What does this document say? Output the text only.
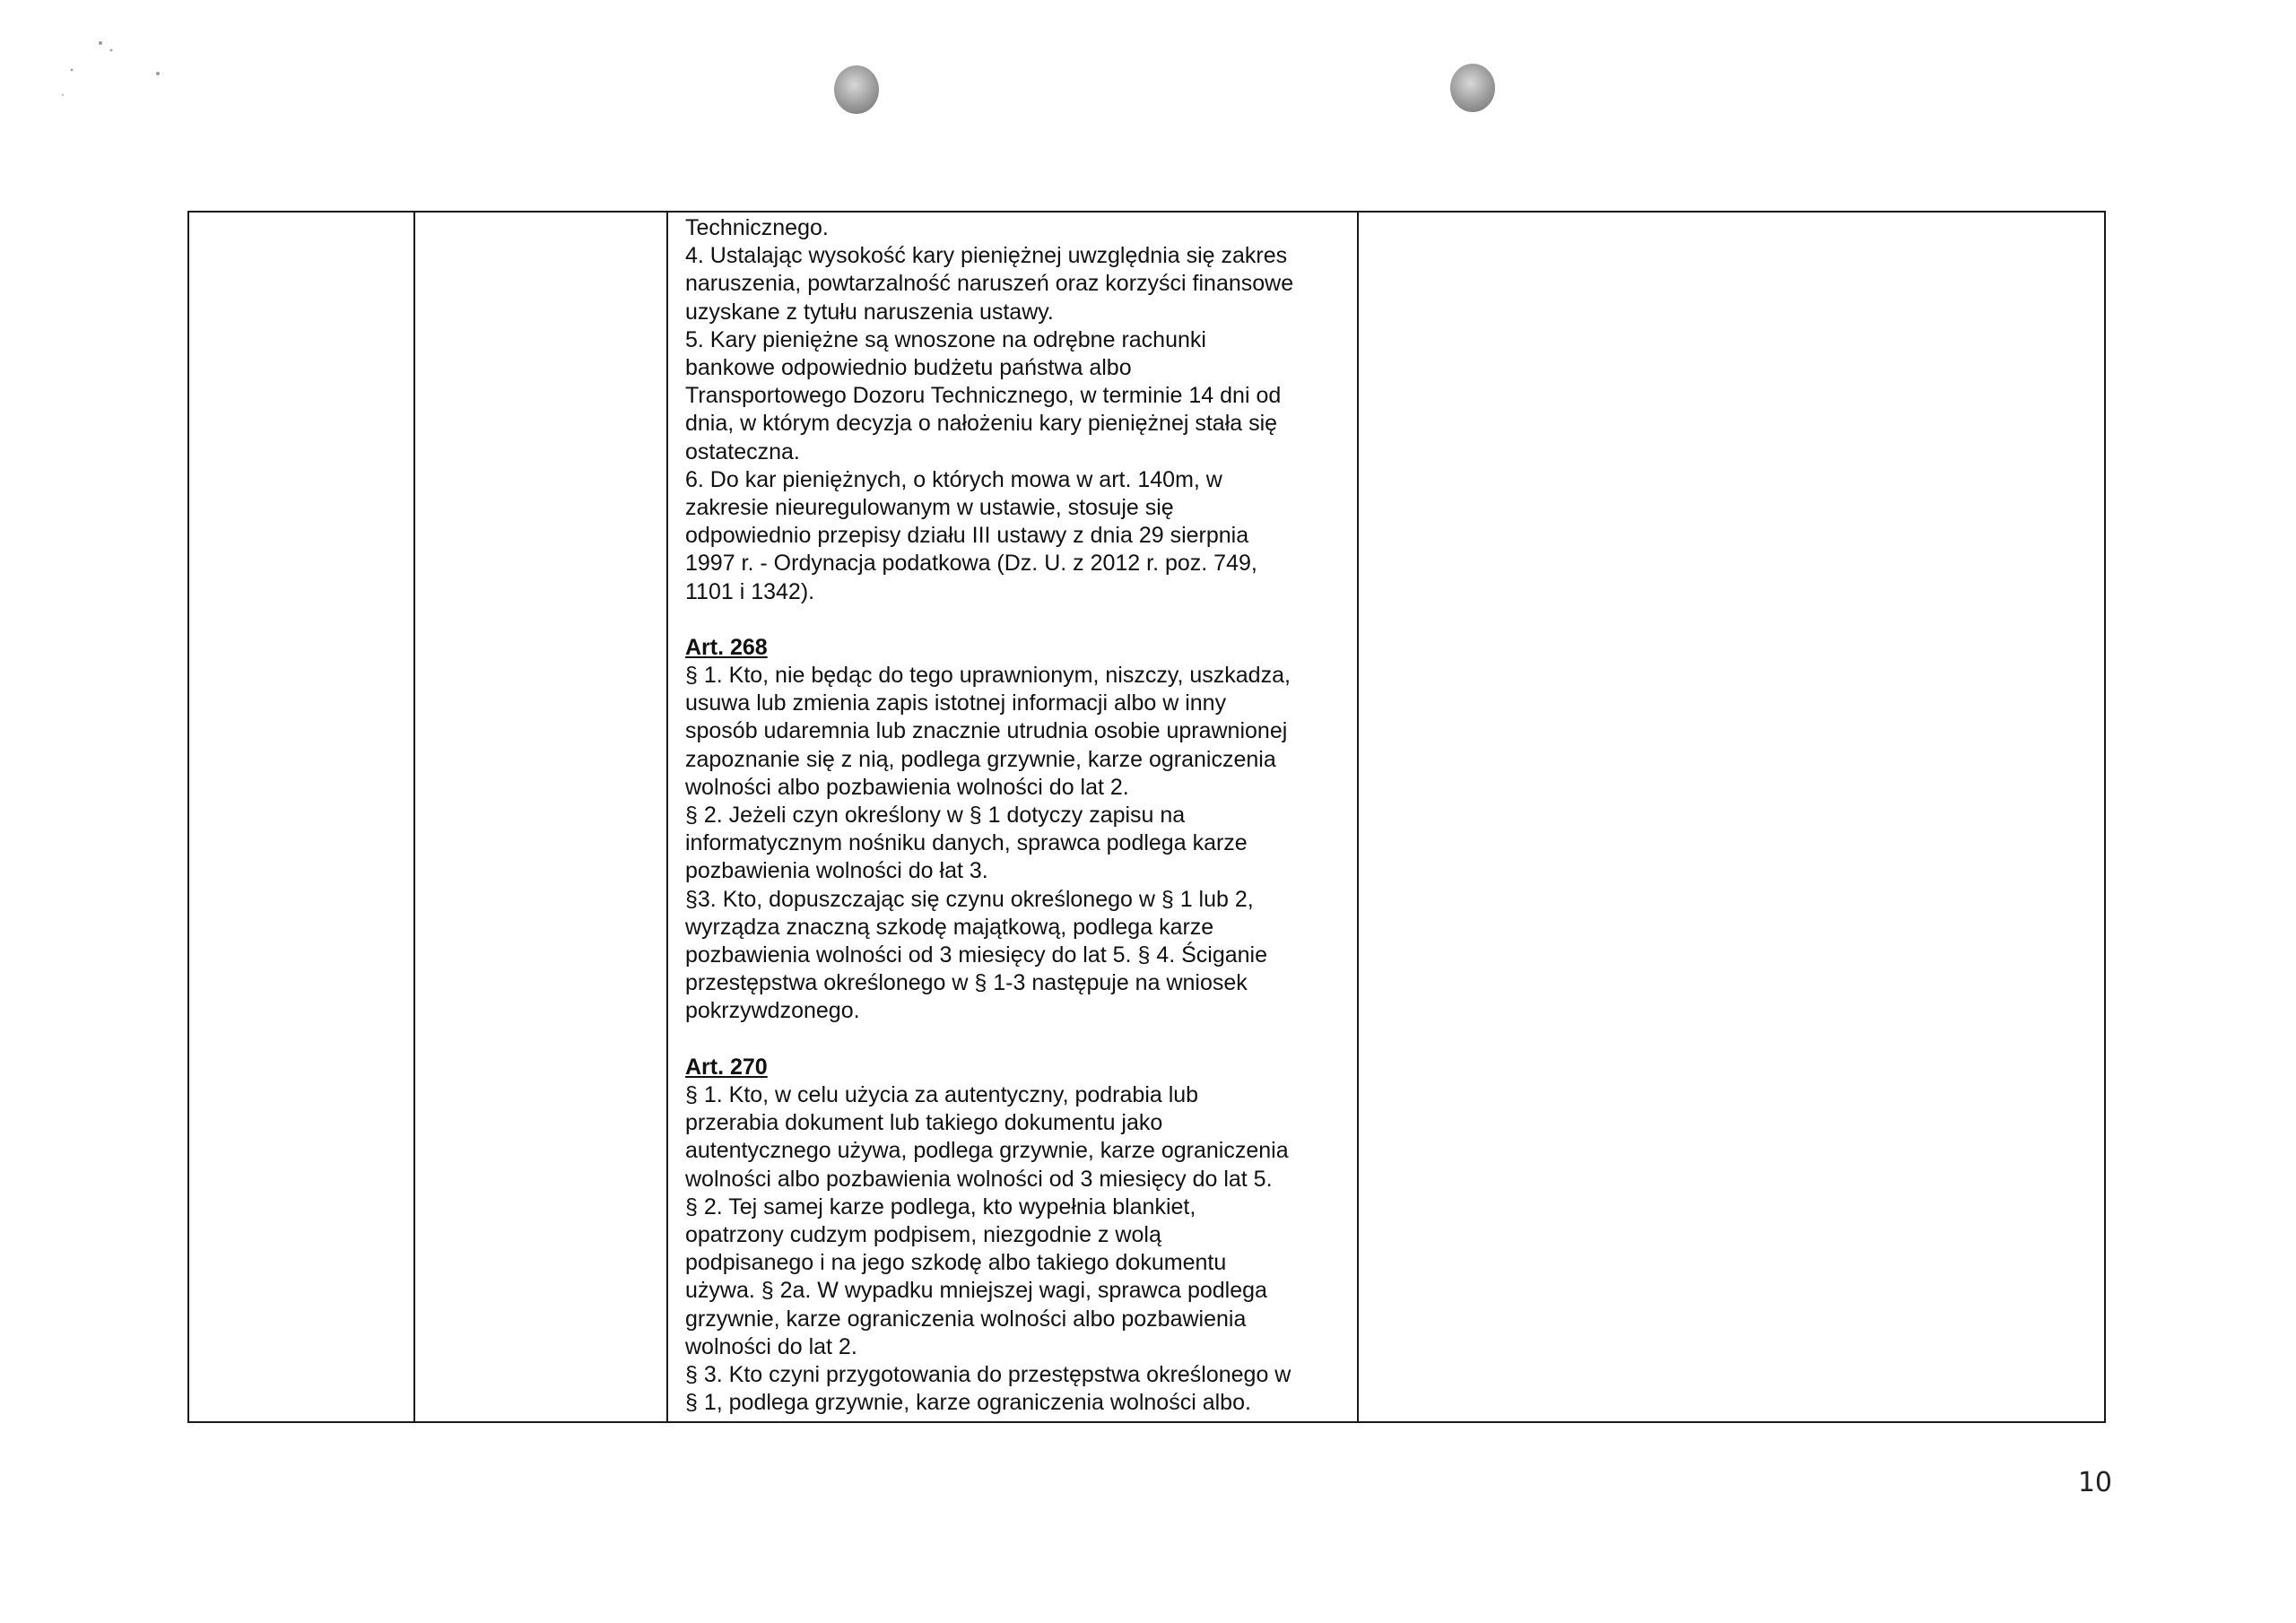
Technicznego.

4. Ustalając wysokość kary pieniężnej uwzględnia się zakres
naruszenia, powtarzalność naruszeń oraz korzyści finansowe
uzyskane z tytułu naruszenia ustawy.

5. Kary pieniężne są wnoszone na odrębne rachunki
bankowe odpowiednio budżetu państwa albo
Transportowego Dozoru Technicznego, w terminie 14 dni od
dnia, w którym decyzja o nałożeniu kary pieniężnej stała się
ostateczna.

6. Do kar pieniężnych, o których mowa w art. 140m, w
zakresie nieuregulowanym w ustawie, stosuje się
odpowiednio przepisy działu III ustawy z dnia 29 sierpnia
1997 r. - Ordynacja podatkowa (Dz. U. z 2012 r. poz. 749,
1101 i 1342).

Art. 268

§ 1. Kto, nie będąc do tego uprawnionym, niszczy, uszkadza,
usuwa lub zmienia zapis istotnej informacji albo w inny
sposób udaremnia lub znacznie utrudnia osobie uprawnionej
zapoznanie się z nią, podlega grzywnie, karze ograniczenia
wolności albo pozbawienia wolności do lat 2.

§ 2. Jeżeli czyn określony w § 1 dotyczy zapisu na
informatycznym nośniku danych, sprawca podlega karze
pozbawienia wolności do łat 3.

§3. Kto, dopuszczając się czynu określonego w § 1 lub 2,
wyrządza znaczną szkodę majątkową, podlega karze
pozbawienia wolności od 3 miesięcy do lat 5. § 4. Ściganie
przestępstwa określonego w § 1-3 następuje na wniosek
pokrzywdzonego.

Art. 270

§ 1. Kto, w celu użycia za autentyczny, podrabia lub
przerabia dokument lub takiego dokumentu jako
autentycznego używa, podlega grzywnie, karze ograniczenia
wolności albo pozbawienia wolności od 3 miesięcy do lat 5.

§ 2. Tej samej karze podlega, kto wypełnia blankiet,
opatrzony cudzym podpisem, niezgodnie z wolą
podpisanego i na jego szkodę albo takiego dokumentu
używa. § 2a. W wypadku mniejszej wagi, sprawca podlega
grzywnie, karze ograniczenia wolności albo pozbawienia
wolności do lat 2.

§ 3. Kto czyni przygotowania do przestępstwa określonego w
§ 1, podlega grzywnie, karze ograniczenia wolności albo.

10
